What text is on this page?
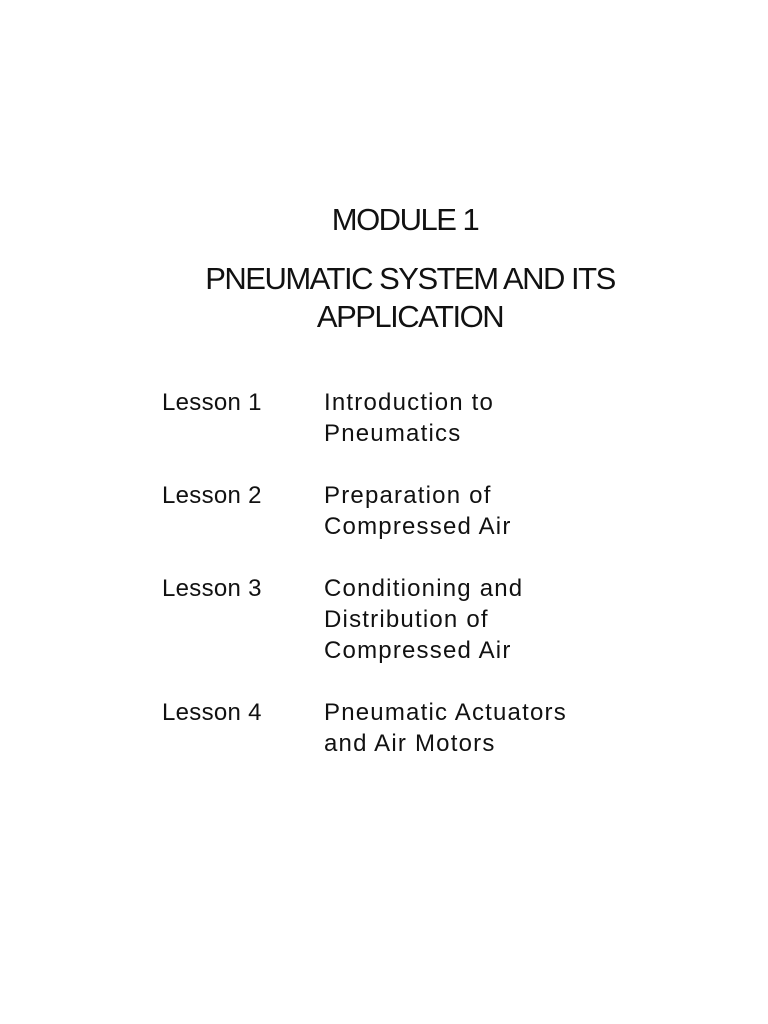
MODULE 1
PNEUMATIC SYSTEM AND ITS
APPLICATION
Lesson 1	Introduction to
Pneumatics
Lesson 2	Preparation of
Compressed Air
Lesson 3	Conditioning and
Distribution of
Compressed Air
Lesson 4	Pneumatic Actuators
and Air Motors
